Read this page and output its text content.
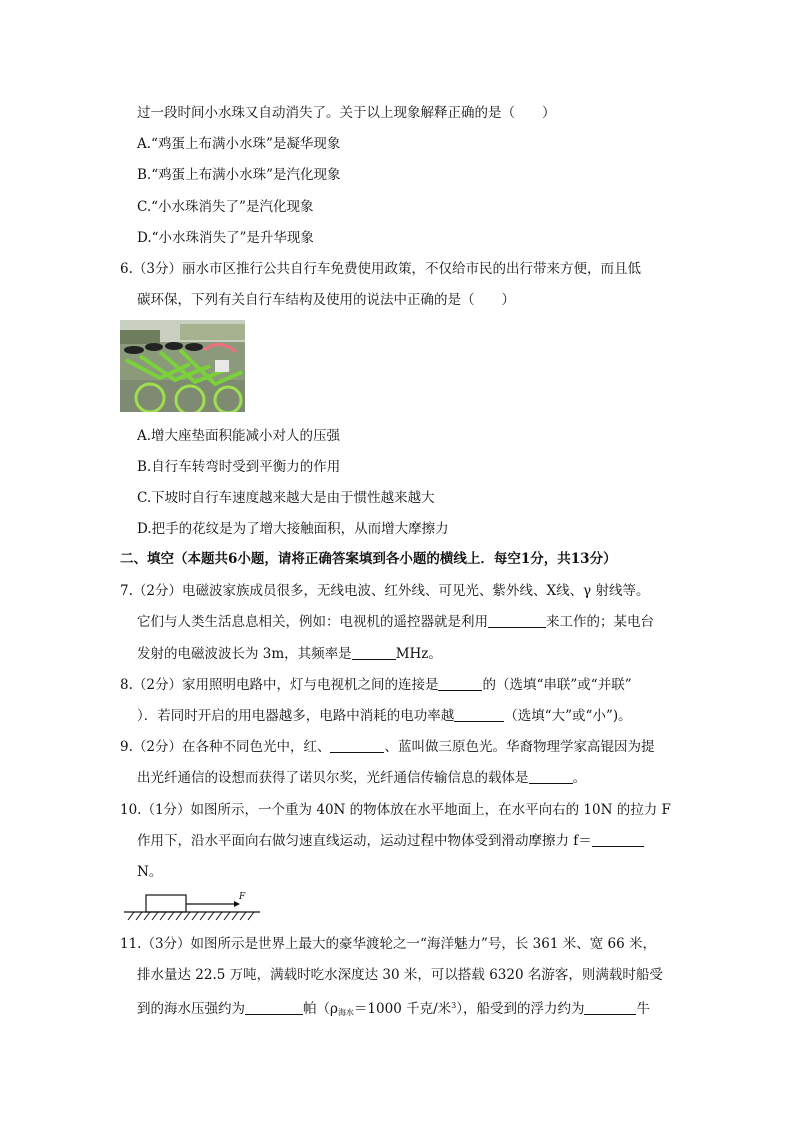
过一段时间小水珠又自动消失了。关于以上现象解释正确的是（　　）
A.“鸡蛋上布满小水珠”是凝华现象
B.“鸡蛋上布满小水珠”是汽化现象
C.“小水珠消失了”是汽化现象
D.“小水珠消失了”是升华现象
6.（3分）丽水市区推行公共自行车免费使用政策，不仅给市民的出行带来方便，而且低
碳环保，下列有关自行车结构及使用的说法中正确的是（　　）
A.增大座垫面积能减小对人的压强
B.自行车转弯时受到平衡力的作用
C.下坡时自行车速度越来越大是由于惯性越来越大
D.把手的花纹是为了增大接触面积，从而增大摩擦力
二、填空（本题共6小题，请将正确答案填到各小题的横线上．每空1分，共13分）
7.（2分）电磁波家族成员很多，无线电波、红外线、可见光、紫外线、X线、γ 射线等。
它们与人类生活息息相关，例如：电视机的遥控器就是利用	来工作的；某电台
发射的电磁波波长为 3m，其频率是	MHz。
8.（2分）家用照明电路中，灯与电视机之间的连接是	的（选填“串联”或“并联”
）．若同时开启的用电器越多，电路中消耗的电功率越	（选填“大”或“小”)。
9.（2分）在各种不同色光中，红、	、蓝叫做三原色光。华裔物理学家高锟因为提
出光纤通信的设想而获得了诺贝尔奖，光纤通信传输信息的载体是	。
10.（1分）如图所示，一个重为 40N 的物体放在水平地面上，在水平向右的 10N 的拉力 F
作用下，沿水平面向右做匀速直线运动，运动过程中物体受到滑动摩擦力 f＝
N。
F
11.（3分）如图所示是世界上最大的豪华渡轮之一“海洋魅力”号，长 361 米、宽 66 米，
排水量达 22.5 万吨，满载时吃水深度达 30 米，可以搭载 6320 名游客，则满载时船受
到的海水压强约为	帕（$\rho_{海水}=1000$ 千克/米$^3$），船受到的浮力约为	牛
